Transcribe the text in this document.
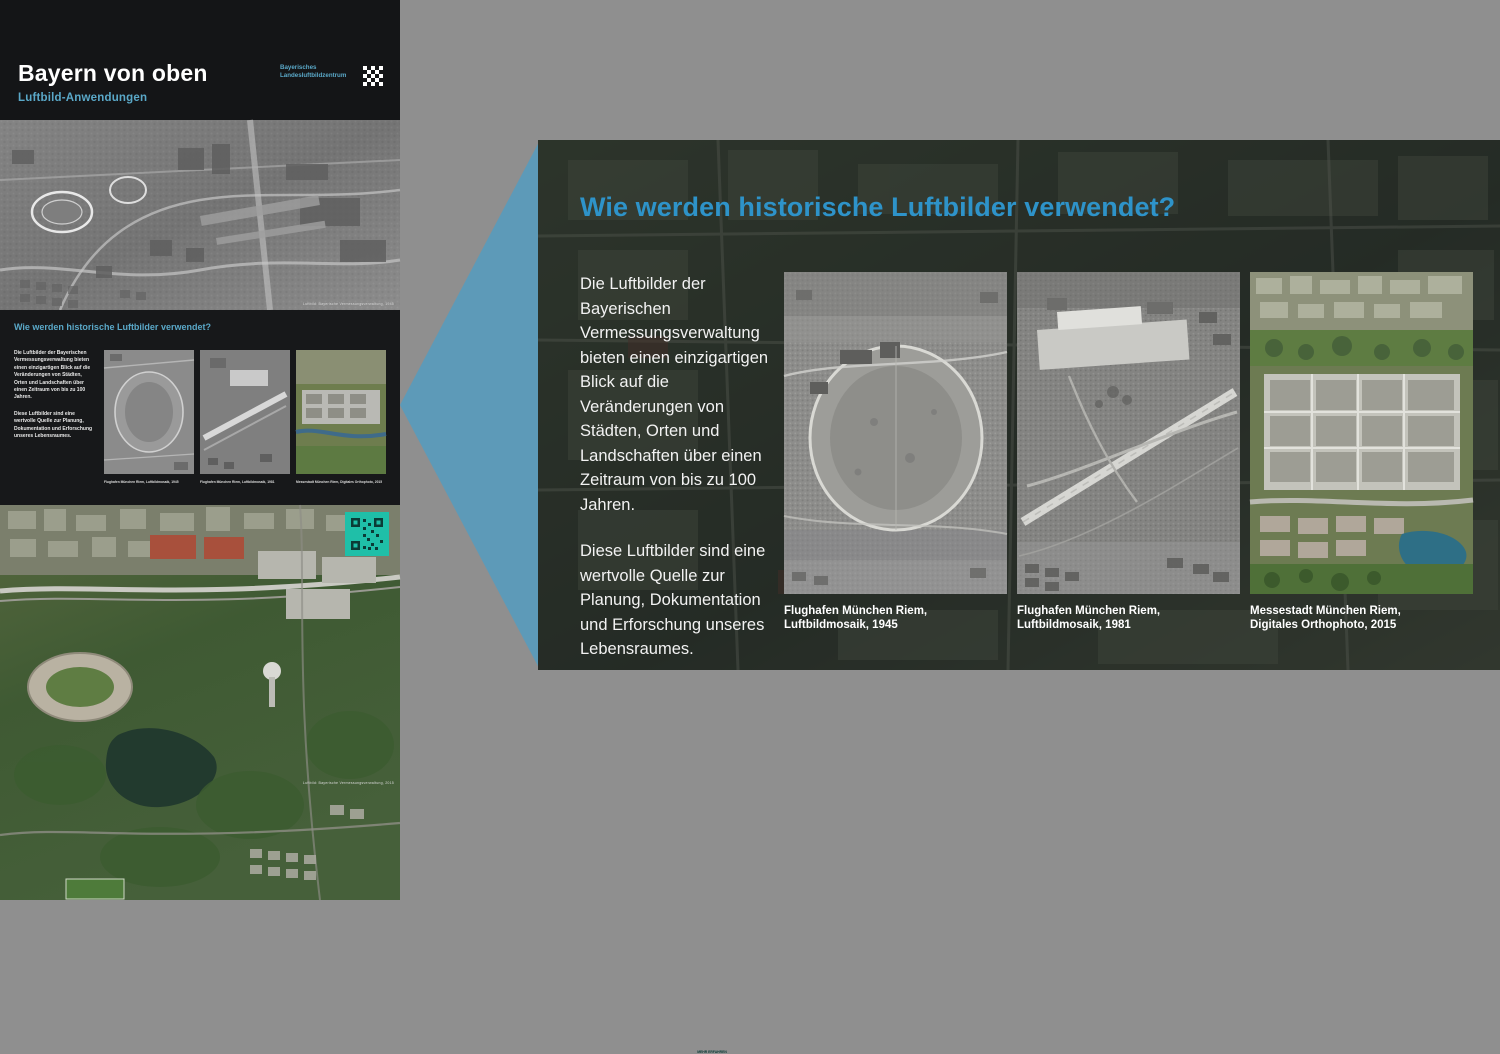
Bayern von oben
Luftbild-Anwendungen
Bayerisches
Landesluftbildzentrum
Luftbild: Bayerische Vermessungsverwaltung, 1945
Wie werden historische Luftbilder verwendet?

Die Luftbilder der Bayerischen Vermessungsverwaltung bieten einen einzigartigen Blick auf die Veränderungen von Städten, Orten und Landschaften über einen Zeitraum von bis zu 100 Jahren.

Diese Luftbilder sind eine wertvolle Quelle zur Planung, Dokumentation und Erforschung unseres Lebensraumes.

Flughafen München Riem, Luftbildmosaik, 1945	Flughafen München Riem, Luftbildmosaik, 1981	Messestadt München Riem, Digitales Orthophoto, 2015
Luftbild: Bayerische Vermessungsverwaltung, 2015
MEHR ERFAHREN
Wie werden historische Luftbilder verwendet?

Die Luftbilder der Bayerischen Vermessungsverwaltung bieten einen einzigartigen Blick auf die Veränderungen von Städten, Orten und Landschaften über einen Zeitraum von bis zu 100 Jahren.

Diese Luftbilder sind eine wertvolle Quelle zur Planung, Dokumentation und Erforschung unseres Lebensraumes.

Flughafen München Riem,
Luftbildmosaik, 1945
Flughafen München Riem,
Luftbildmosaik, 1981
Messestadt München Riem,
Digitales Orthophoto, 2015
